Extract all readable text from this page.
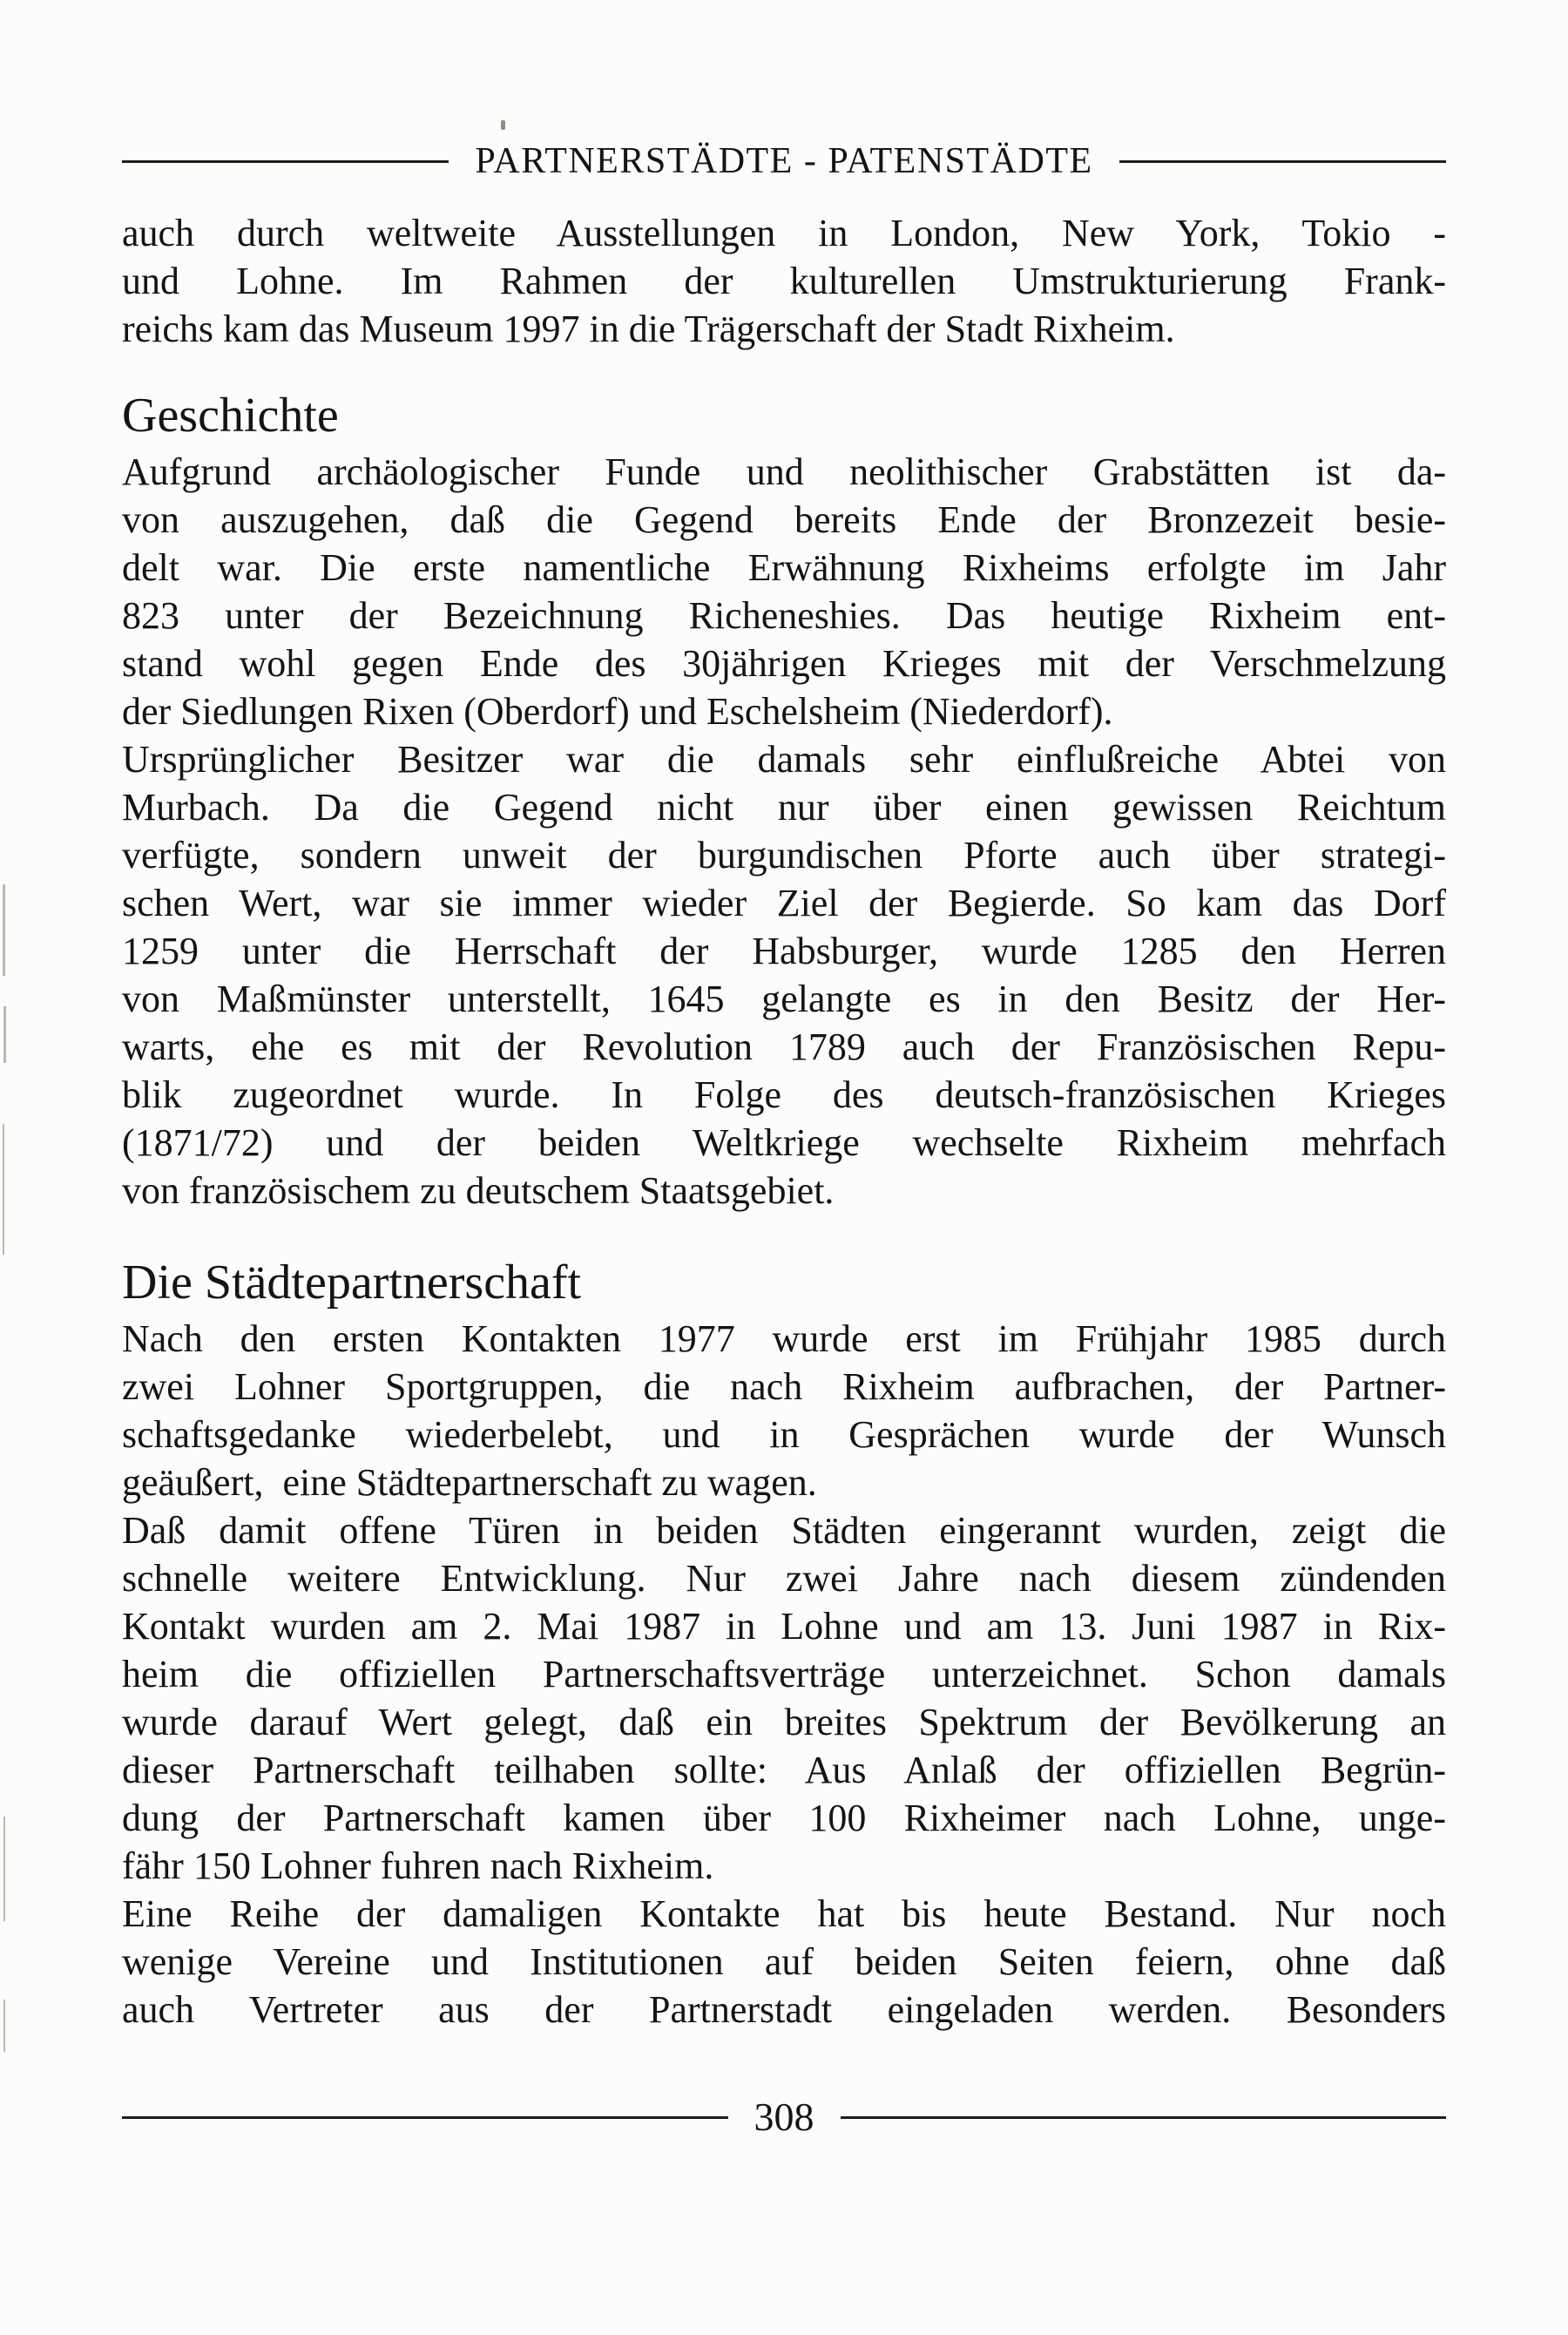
PARTNERSTÄDTE - PATENSTÄDTE
auch durch weltweite Ausstellungen in London, New York, Tokio -
und Lohne. Im Rahmen der kulturellen Umstrukturierung Frank-
reichs kam das Museum 1997 in die Trägerschaft der Stadt Rixheim.
Geschichte
Aufgrund archäologischer Funde und neolithischer Grabstätten ist da-
von auszugehen, daß die Gegend bereits Ende der Bronzezeit besie-
delt war. Die erste namentliche Erwähnung Rixheims erfolgte im Jahr
823 unter der Bezeichnung Richeneshies. Das heutige Rixheim ent-
stand wohl gegen Ende des 30jährigen Krieges mit der Verschmelzung
der Siedlungen Rixen (Oberdorf) und Eschelsheim (Niederdorf).
Ursprünglicher Besitzer war die damals sehr einflußreiche Abtei von
Murbach. Da die Gegend nicht nur über einen gewissen Reichtum
verfügte, sondern unweit der burgundischen Pforte auch über strategi-
schen Wert, war sie immer wieder Ziel der Begierde. So kam das Dorf
1259 unter die Herrschaft der Habsburger, wurde 1285 den Herren
von Maßmünster unterstellt, 1645 gelangte es in den Besitz der Her-
warts, ehe es mit der Revolution 1789 auch der Französischen Repu-
blik zugeordnet wurde. In Folge des deutsch-französischen Krieges
(1871/72) und der beiden Weltkriege wechselte Rixheim mehrfach
von französischem zu deutschem Staatsgebiet.
Die Städtepartnerschaft
Nach den ersten Kontakten 1977 wurde erst im Frühjahr 1985 durch
zwei Lohner Sportgruppen, die nach Rixheim aufbrachen, der Partner-
schaftsgedanke wiederbelebt, und in Gesprächen wurde der Wunsch
geäußert,  eine Städtepartnerschaft zu wagen.
Daß damit offene Türen in beiden Städten eingerannt wurden, zeigt die
schnelle weitere Entwicklung. Nur zwei Jahre nach diesem zündenden
Kontakt wurden am 2. Mai 1987 in Lohne und am 13. Juni 1987 in Rix-
heim die offiziellen Partnerschaftsverträge unterzeichnet. Schon damals
wurde darauf Wert gelegt, daß ein breites Spektrum der Bevölkerung an
dieser Partnerschaft teilhaben sollte: Aus Anlaß der offiziellen Begrün-
dung der Partnerschaft kamen über 100 Rixheimer nach Lohne, unge-
fähr 150 Lohner fuhren nach Rixheim.
Eine Reihe der damaligen Kontakte hat bis heute Bestand. Nur noch
wenige Vereine und Institutionen auf beiden Seiten feiern, ohne daß
auch Vertreter aus der Partnerstadt eingeladen werden. Besonders
308
